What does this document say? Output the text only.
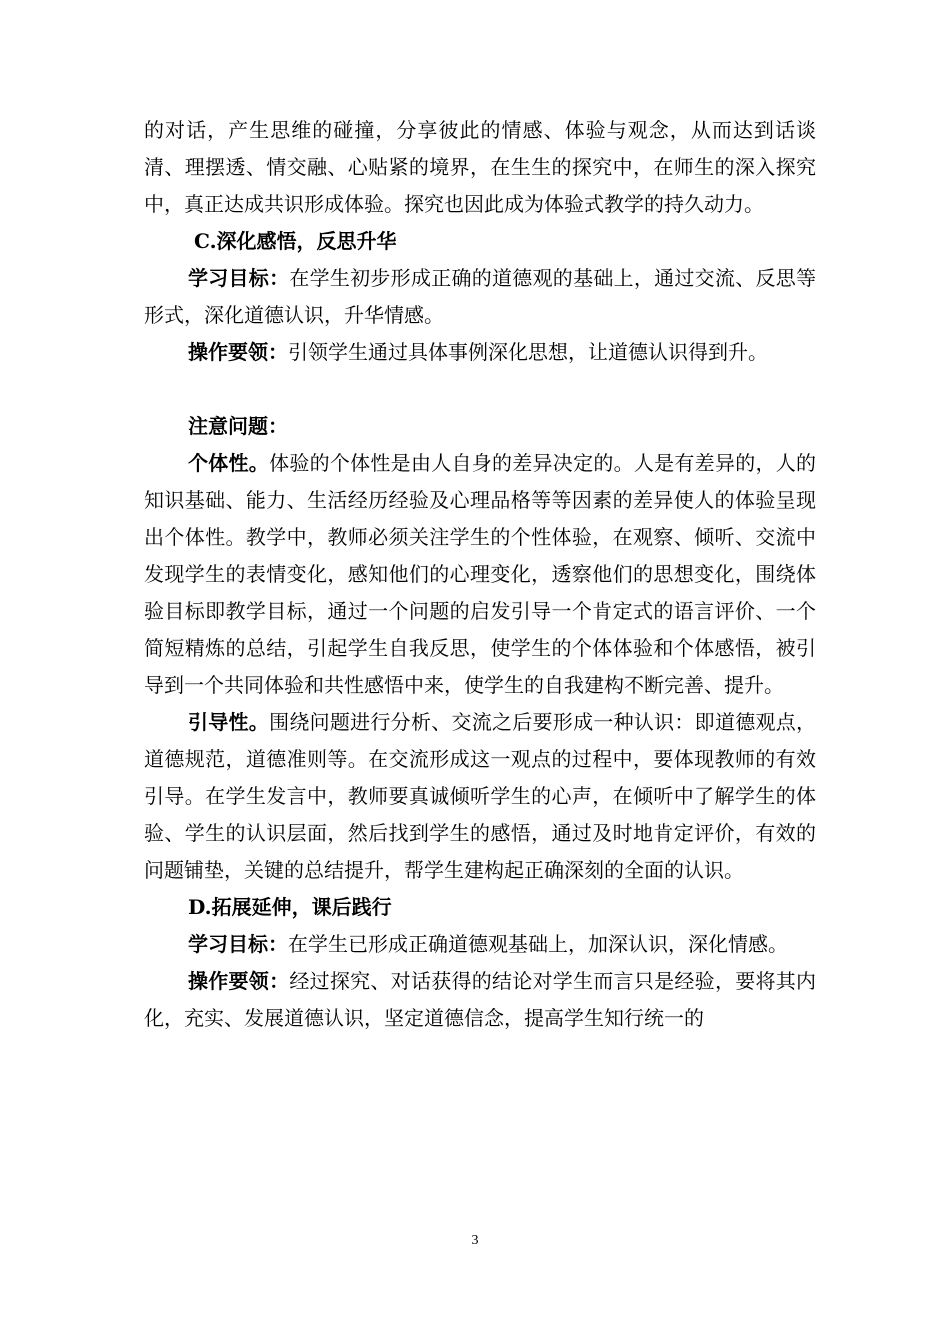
的对话，产生思维的碰撞，分享彼此的情感、体验与观念，从而达到话谈清、理摆透、情交融、心贴紧的境界，在生生的探究中，在师生的深入探究中，真正达成共识形成体验。探究也因此成为体验式教学的持久动力。

C.深化感悟，反思升华

学习目标：在学生初步形成正确的道德观的基础上，通过交流、反思等形式，深化道德认识，升华情感。

操作要领：引领学生通过具体事例深化思想，让道德认识得到升。

注意问题：

个体性。体验的个体性是由人自身的差异决定的。人是有差异的，人的知识基础、能力、生活经历经验及心理品格等等因素的差异使人的体验呈现出个体性。教学中，教师必须关注学生的个性体验，在观察、倾听、交流中发现学生的表情变化，感知他们的心理变化，透察他们的思想变化，围绕体验目标即教学目标，通过一个问题的启发引导一个肯定式的语言评价、一个简短精炼的总结，引起学生自我反思，使学生的个体体验和个体感悟，被引导到一个共同体验和共性感悟中来，使学生的自我建构不断完善、提升。

引导性。围绕问题进行分析、交流之后要形成一种认识：即道德观点，道德规范，道德准则等。在交流形成这一观点的过程中，要体现教师的有效引导。在学生发言中，教师要真诚倾听学生的心声，在倾听中了解学生的体验、学生的认识层面，然后找到学生的感悟，通过及时地肯定评价，有效的问题铺垫，关键的总结提升，帮学生建构起正确深刻的全面的认识。

D.拓展延伸，课后践行

学习目标：在学生已形成正确道德观基础上，加深认识，深化情感。

操作要领：经过探究、对话获得的结论对学生而言只是经验，要将其内化，充实、发展道德认识，坚定道德信念，提高学生知行统一的

3
